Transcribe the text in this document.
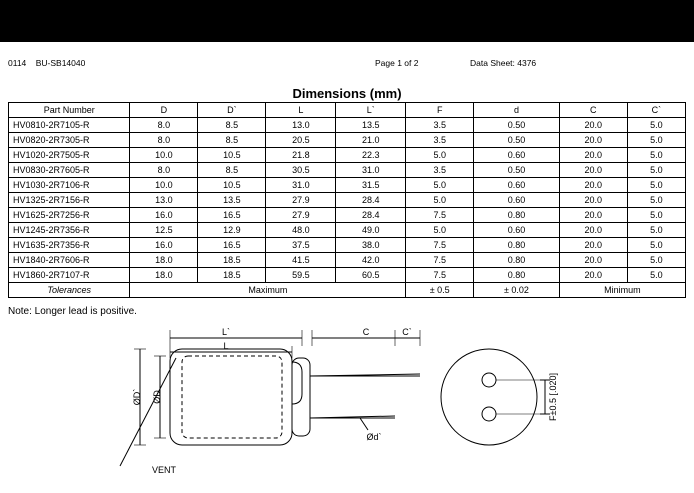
0114    BU-SB14040	Page 1 of 2	Data Sheet: 4376
Dimensions (mm)
Part Number	D	D`	L	L`	F	d	C	C`
HV0810-2R7105-R	8.0	8.5	13.0	13.5	3.5	0.50	20.0	5.0
HV0820-2R7305-R	8.0	8.5	20.5	21.0	3.5	0.50	20.0	5.0
HV1020-2R7505-R	10.0	10.5	21.8	22.3	5.0	0.60	20.0	5.0
HV0830-2R7605-R	8.0	8.5	30.5	31.0	3.5	0.50	20.0	5.0
HV1030-2R7106-R	10.0	10.5	31.0	31.5	5.0	0.60	20.0	5.0
HV1325-2R7156-R	13.0	13.5	27.9	28.4	5.0	0.60	20.0	5.0
HV1625-2R7256-R	16.0	16.5	27.9	28.4	7.5	0.80	20.0	5.0
HV1245-2R7356-R	12.5	12.9	48.0	49.0	5.0	0.60	20.0	5.0
HV1635-2R7356-R	16.0	16.5	37.5	38.0	7.5	0.80	20.0	5.0
HV1840-2R7606-R	18.0	18.5	41.5	42.0	7.5	0.80	20.0	5.0
HV1860-2R7107-R	18.0	18.5	59.5	60.5	7.5	0.80	20.0	5.0
Tolerances	Maximum				± 0.5	± 0.02	Minimum	
Note: Longer lead is positive.
L`
L
C	C`
ØD` ØD
Ød`
VENT
F±0.5 [.020]
